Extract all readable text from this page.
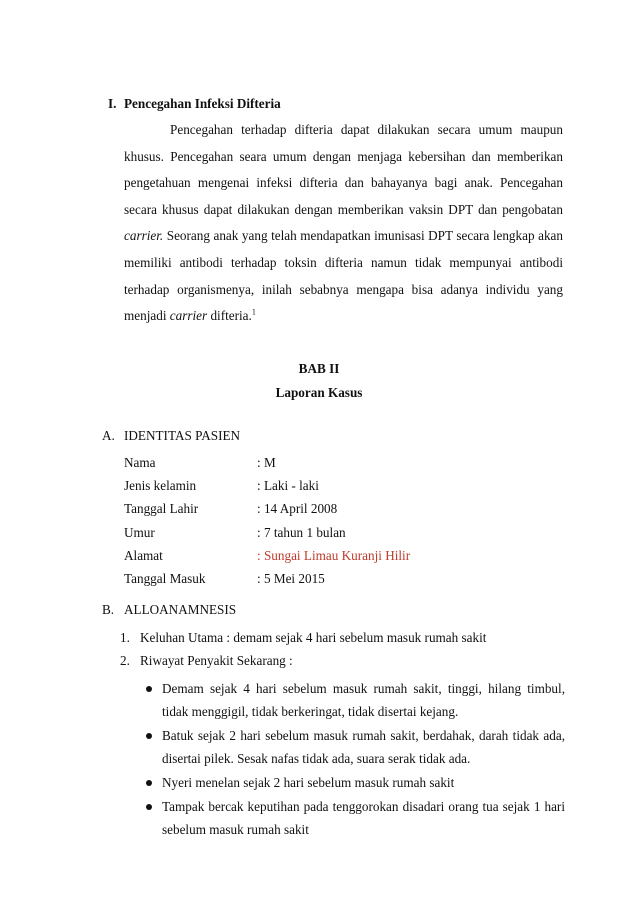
I. Pencegahan Infeksi Difteria
Pencegahan terhadap difteria dapat dilakukan secara umum maupun khusus. Pencegahan seara umum dengan menjaga kebersihan dan memberikan pengetahuan mengenai infeksi difteria dan bahayanya bagi anak. Pencegahan secara khusus dapat dilakukan dengan memberikan vaksin DPT dan pengobatan carrier. Seorang anak yang telah mendapatkan imunisasi DPT secara lengkap akan memiliki antibodi terhadap toksin difteria namun tidak mempunyai antibodi terhadap organismenya, inilah sebabnya mengapa bisa adanya individu yang menjadi carrier difteria.$^1$
BAB II
Laporan Kasus
A. IDENTITAS PASIEN
Nama	: M
Jenis kelamin	: Laki - laki
Tanggal Lahir	: 14 April 2008
Umur	: 7 tahun 1 bulan
Alamat	: Sungai Limau Kuranji Hilir
Tanggal Masuk	: 5 Mei 2015
B. ALLOANAMNESIS
1. Keluhan Utama : demam sejak 4 hari sebelum masuk rumah sakit
2. Riwayat Penyakit Sekarang :
Demam sejak 4 hari sebelum masuk rumah sakit, tinggi, hilang timbul, tidak menggigil, tidak berkeringat, tidak disertai kejang.
Batuk sejak 2 hari sebelum masuk rumah sakit, berdahak, darah tidak ada, disertai pilek. Sesak nafas tidak ada, suara serak tidak ada.
Nyeri menelan sejak 2 hari sebelum masuk rumah sakit
Tampak bercak keputihan pada tenggorokan disadari orang tua sejak 1 hari sebelum masuk rumah sakit
